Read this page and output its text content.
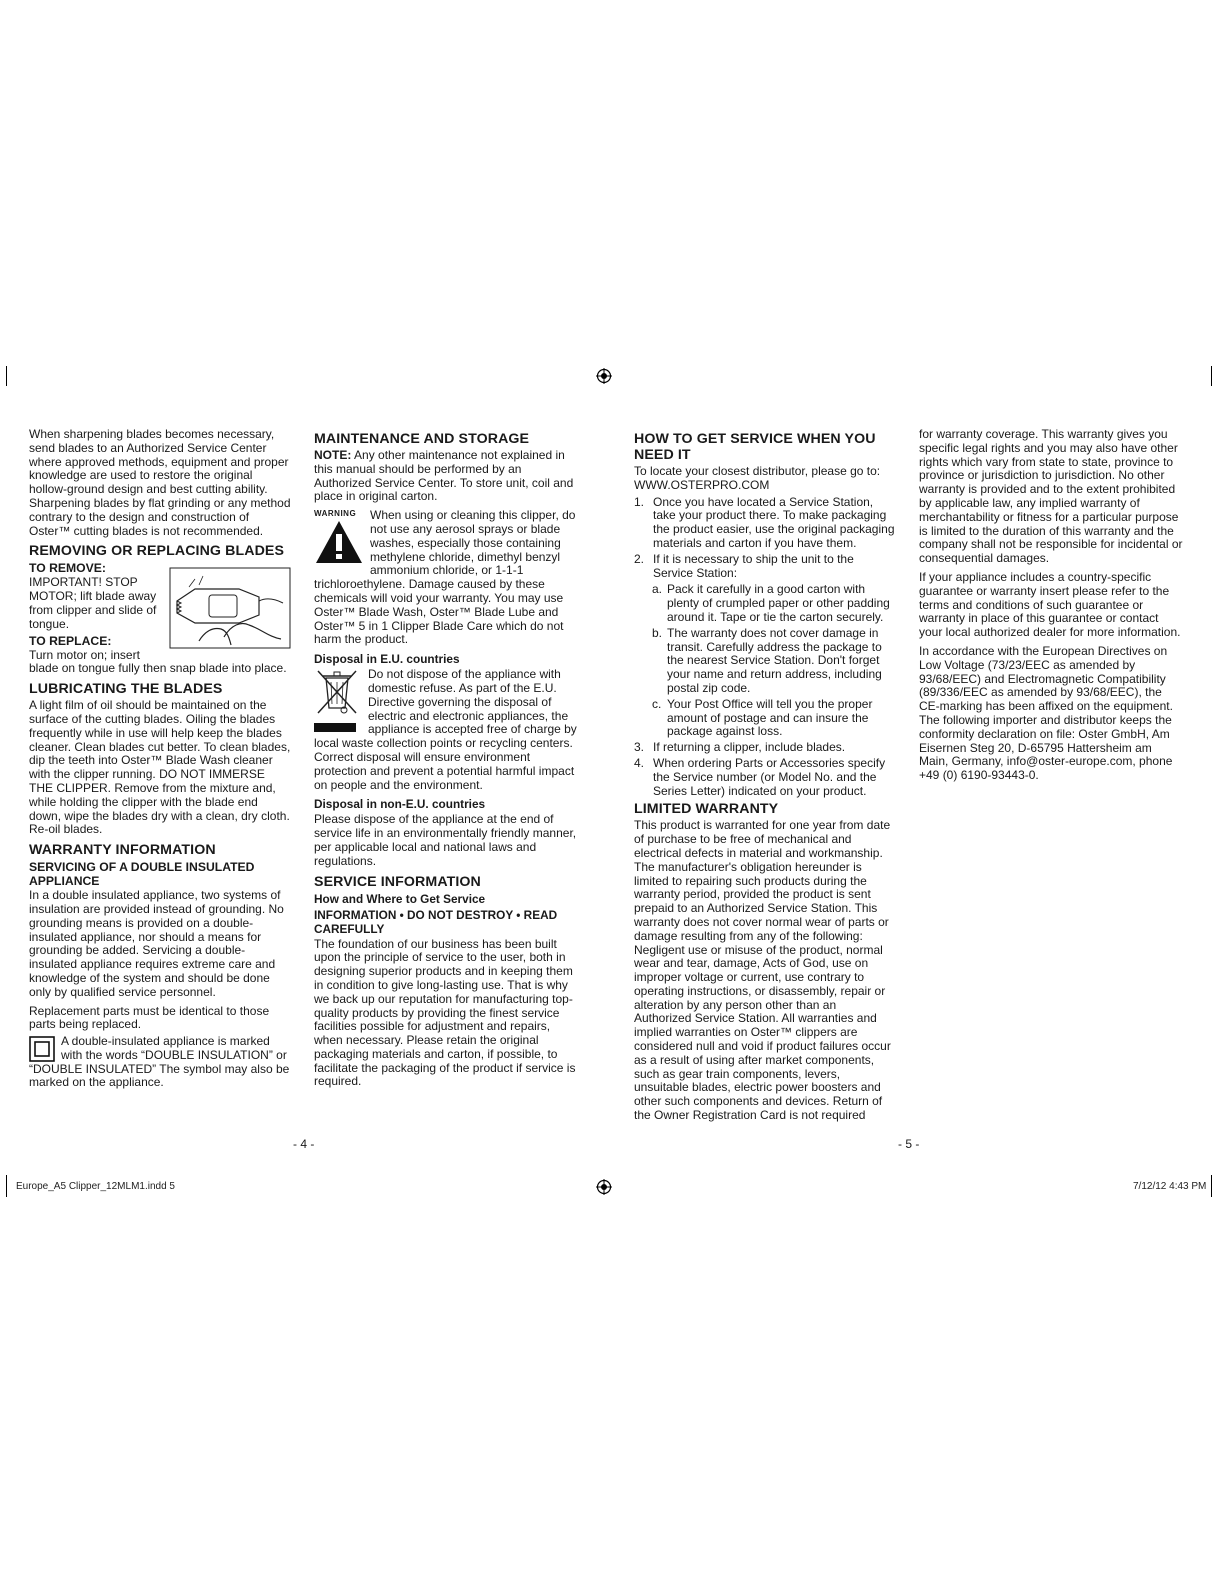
When sharpening blades becomes necessary, send blades to an Authorized Service Center where approved methods, equipment and proper knowledge are used to restore the original hollow-ground design and best cutting ability. Sharpening blades by flat grinding or any method contrary to the design and construction of Oster™ cutting blades is not recommended.

REMOVING OR REPLACING BLADES
TO REMOVE:

IMPORTANT! STOP MOTOR; lift blade away from clipper and slide of tongue.

TO REPLACE:

Turn motor on; insert blade on tongue fully then snap blade into place.

LUBRICATING THE BLADES

A light film of oil should be maintained on the surface of the cutting blades. Oiling the blades frequently while in use will help keep the blades cleaner. Clean blades cut better. To clean blades, dip the teeth into Oster™ Blade Wash cleaner with the clipper running. DO NOT IMMERSE THE CLIPPER. Remove from the mixture and, while holding the clipper with the blade end down, wipe the blades dry with a clean, dry cloth. Re-oil blades.

WARRANTY INFORMATION
SERVICING OF A DOUBLE INSULATED APPLIANCE

In a double insulated appliance, two systems of insulation are provided instead of grounding. No grounding means is provided on a double-insulated appliance, nor should a means for grounding be added. Servicing a double-insulated appliance requires extreme care and knowledge of the system and should be done only by qualified service personnel.

Replacement parts must be identical to those parts being replaced.

A double-insulated appliance is marked with the words “DOUBLE INSULATION” or “DOUBLE INSULATED” The symbol may also be marked on the appliance.

MAINTENANCE AND STORAGE

NOTE: Any other maintenance not explained in this manual should be performed by an Authorized Service Center. To store unit, coil and place in original carton.

WARNING	When using or cleaning this clipper, do not use any aerosol sprays or blade washes, especially those containing methylene chloride, dimethyl benzyl ammonium chloride, or 1-1-1 trichloroethylene. Damage caused by these chemicals will void your warranty. You may use Oster™ Blade Wash, Oster™ Blade Lube and Oster™ 5 in 1 Clipper Blade Care which do not harm the product.

Disposal in E.U. countries

Do not dispose of the appliance with domestic refuse. As part of the E.U. Directive governing the disposal of electric and electronic appliances, the appliance is accepted free of charge by local waste collection points or recycling centers. Correct disposal will ensure environment protection and prevent a potential harmful impact on people and the environment.

Disposal in non-E.U. countries

Please dispose of the appliance at the end of service life in an environmentally friendly manner, per applicable local and national laws and regulations.

SERVICE INFORMATION
How and Where to Get Service
INFORMATION • DO NOT DESTROY • READ CAREFULLY

The foundation of our business has been built upon the principle of service to the user, both in designing superior products and in keeping them in condition to give long-lasting use. That is why we back up our reputation for manufacturing top-quality products by providing the finest service facilities possible for adjustment and repairs, when necessary. Please retain the original packaging materials and carton, if possible, to facilitate the packaging of the product if service is required.

- 4 -
HOW TO GET SERVICE WHEN YOU NEED IT

To locate your closest distributor, please go to: WWW.OSTERPRO.COM

1. Once you have located a Service Station, take your product there. To make packaging the product easier, use the original packaging materials and carton if you have them.
2. If it is necessary to ship the unit to the Service Station:
a. Pack it carefully in a good carton with plenty of crumpled paper or other padding around it. Tape or tie the carton securely.
b. The warranty does not cover damage in transit. Carefully address the package to the nearest Service Station. Don't forget your name and return address, including postal zip code.
c. Your Post Office will tell you the proper amount of postage and can insure the package against loss.
3. If returning a clipper, include blades.
4. When ordering Parts or Accessories specify the Service number (or Model No. and the Series Letter) indicated on your product.
LIMITED WARRANTY

This product is warranted for one year from date of purchase to be free of mechanical and electrical defects in material and workmanship. The manufacturer's obligation hereunder is limited to repairing such products during the warranty period, provided the product is sent prepaid to an Authorized Service Station. This warranty does not cover normal wear of parts or damage resulting from any of the following: Negligent use or misuse of the product, normal wear and tear, damage, Acts of God, use on improper voltage or current, use contrary to operating instructions, or disassembly, repair or alteration by any person other than an Authorized Service Station. All warranties and implied warranties on Oster™ clippers are considered null and void if product failures occur as a result of using after market components, such as gear train components, levers, unsuitable blades, electric power boosters and other such components and devices. Return of the Owner Registration Card is not required

for warranty coverage. This warranty gives you specific legal rights and you may also have other rights which vary from state to state, province to province or jurisdiction to jurisdiction. No other warranty is provided and to the extent prohibited by applicable law, any implied warranty of merchantability or fitness for a particular purpose is limited to the duration of this warranty and the company shall not be responsible for incidental or consequential damages.

If your appliance includes a country-specific guarantee or warranty insert please refer to the terms and conditions of such guarantee or warranty in place of this guarantee or contact your local authorized dealer for more information.

In accordance with the European Directives on Low Voltage (73/23/EEC as amended by 93/68/EEC) and Electromagnetic Compatibility (89/336/EEC as amended by 93/68/EEC), the CE-marking has been affixed on the equipment. The following importer and distributor keeps the conformity declaration on file: Oster GmbH, Am Eisernen Steg 20, D-65795 Hattersheim am Main, Germany, info@oster-europe.com, phone +49 (0) 6190-93443-0.

- 5 -
Europe_A5 Clipper_12MLM1.indd 5	7/12/12 4:43 PM
